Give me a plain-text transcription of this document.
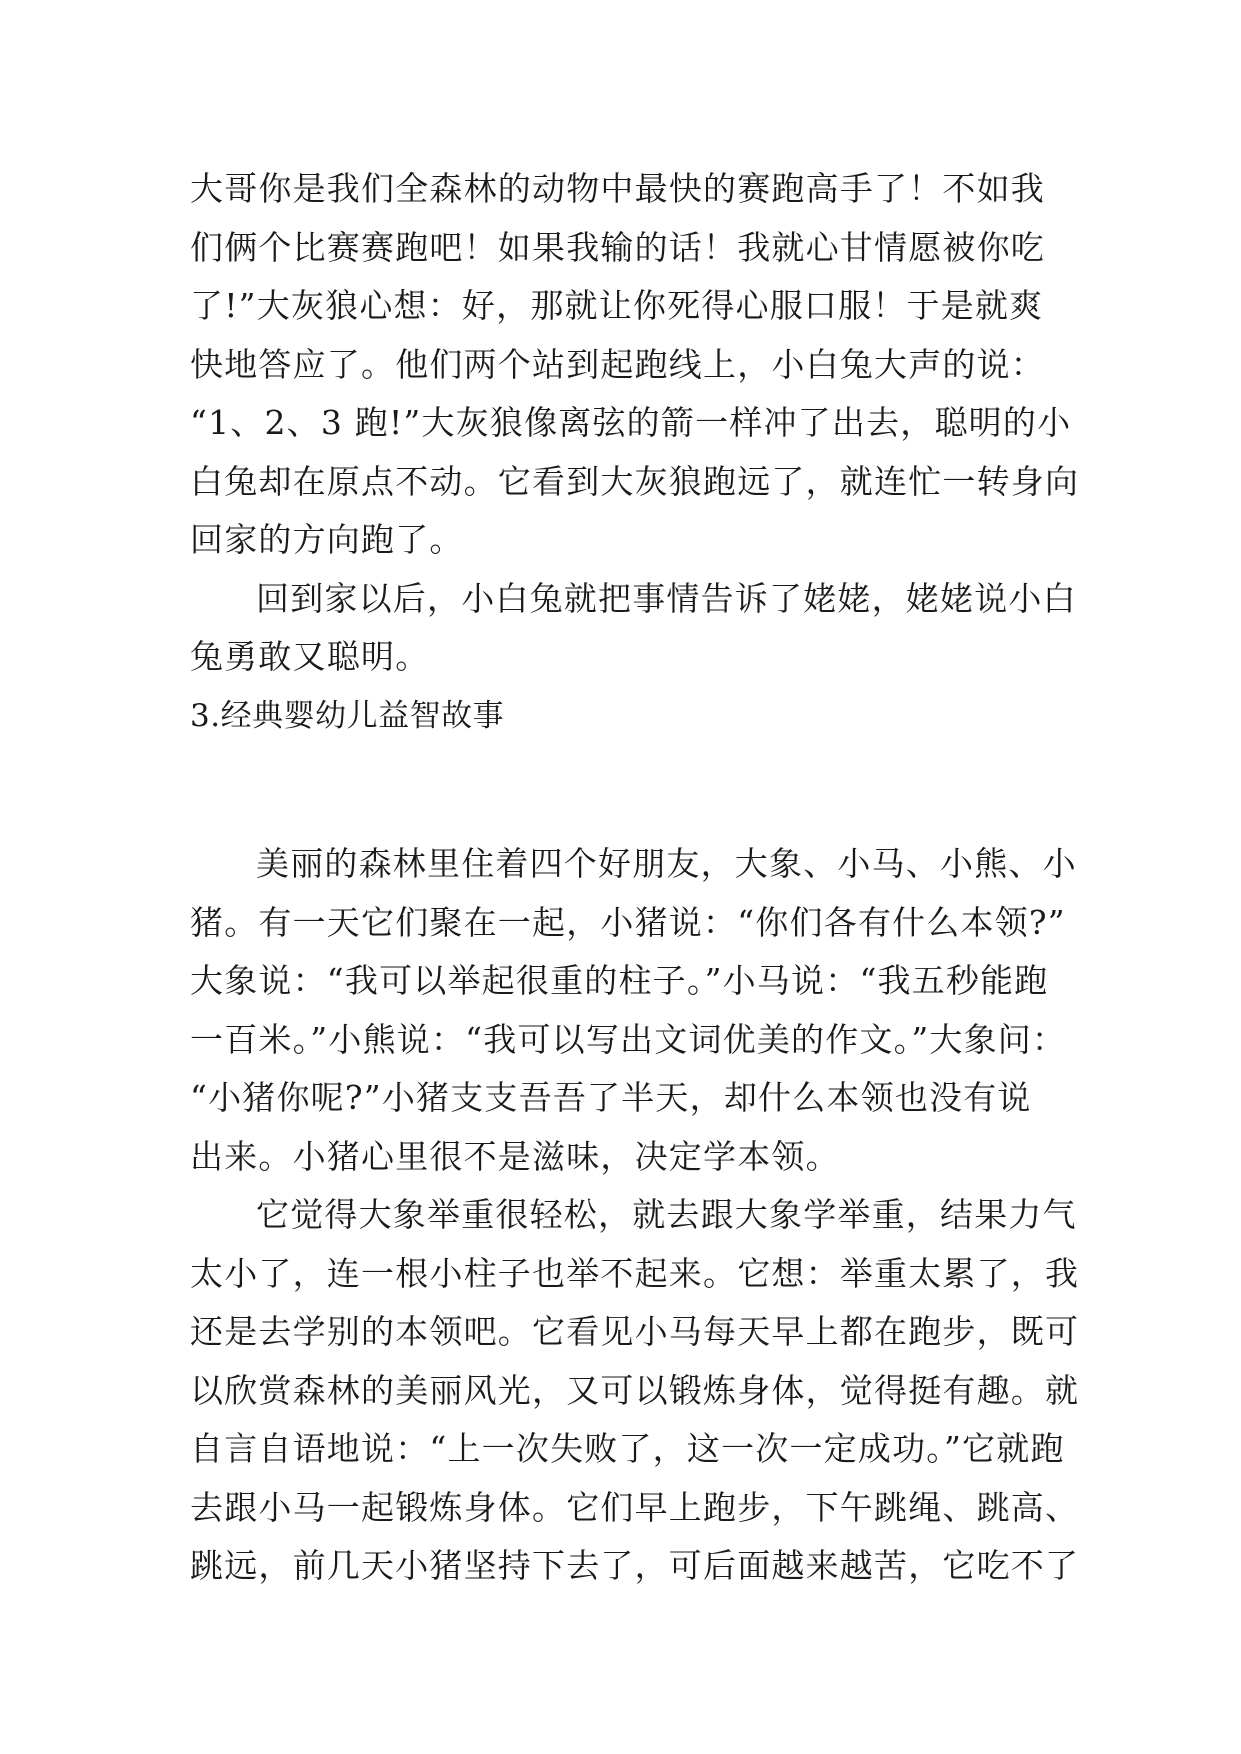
大哥你是我们全森林的动物中最快的赛跑高手了！不如我
们俩个比赛赛跑吧！如果我输的话！我就心甘情愿被你吃
了!”大灰狼心想：好，那就让你死得心服口服！于是就爽
快地答应了。他们两个站到起跑线上，小白兔大声的说：
“1、2、3 跑!”大灰狼像离弦的箭一样冲了出去，聪明的小
白兔却在原点不动。它看到大灰狼跑远了，就连忙一转身向
回家的方向跑了。
回到家以后，小白兔就把事情告诉了姥姥，姥姥说小白
兔勇敢又聪明。
3.经典婴幼儿益智故事
美丽的森林里住着四个好朋友，大象、小马、小熊、小
猪。有一天它们聚在一起，小猪说：“你们各有什么本领?”
大象说：“我可以举起很重的柱子。”小马说：“我五秒能跑
一百米。”小熊说：“我可以写出文词优美的作文。”大象问：
“小猪你呢?”小猪支支吾吾了半天，却什么本领也没有说
出来。小猪心里很不是滋味，决定学本领。
它觉得大象举重很轻松，就去跟大象学举重，结果力气
太小了，连一根小柱子也举不起来。它想：举重太累了，我
还是去学别的本领吧。它看见小马每天早上都在跑步，既可
以欣赏森林的美丽风光，又可以锻炼身体，觉得挺有趣。就
自言自语地说：“上一次失败了，这一次一定成功。”它就跑
去跟小马一起锻炼身体。它们早上跑步，下午跳绳、跳高、
跳远，前几天小猪坚持下去了，可后面越来越苦，它吃不了
